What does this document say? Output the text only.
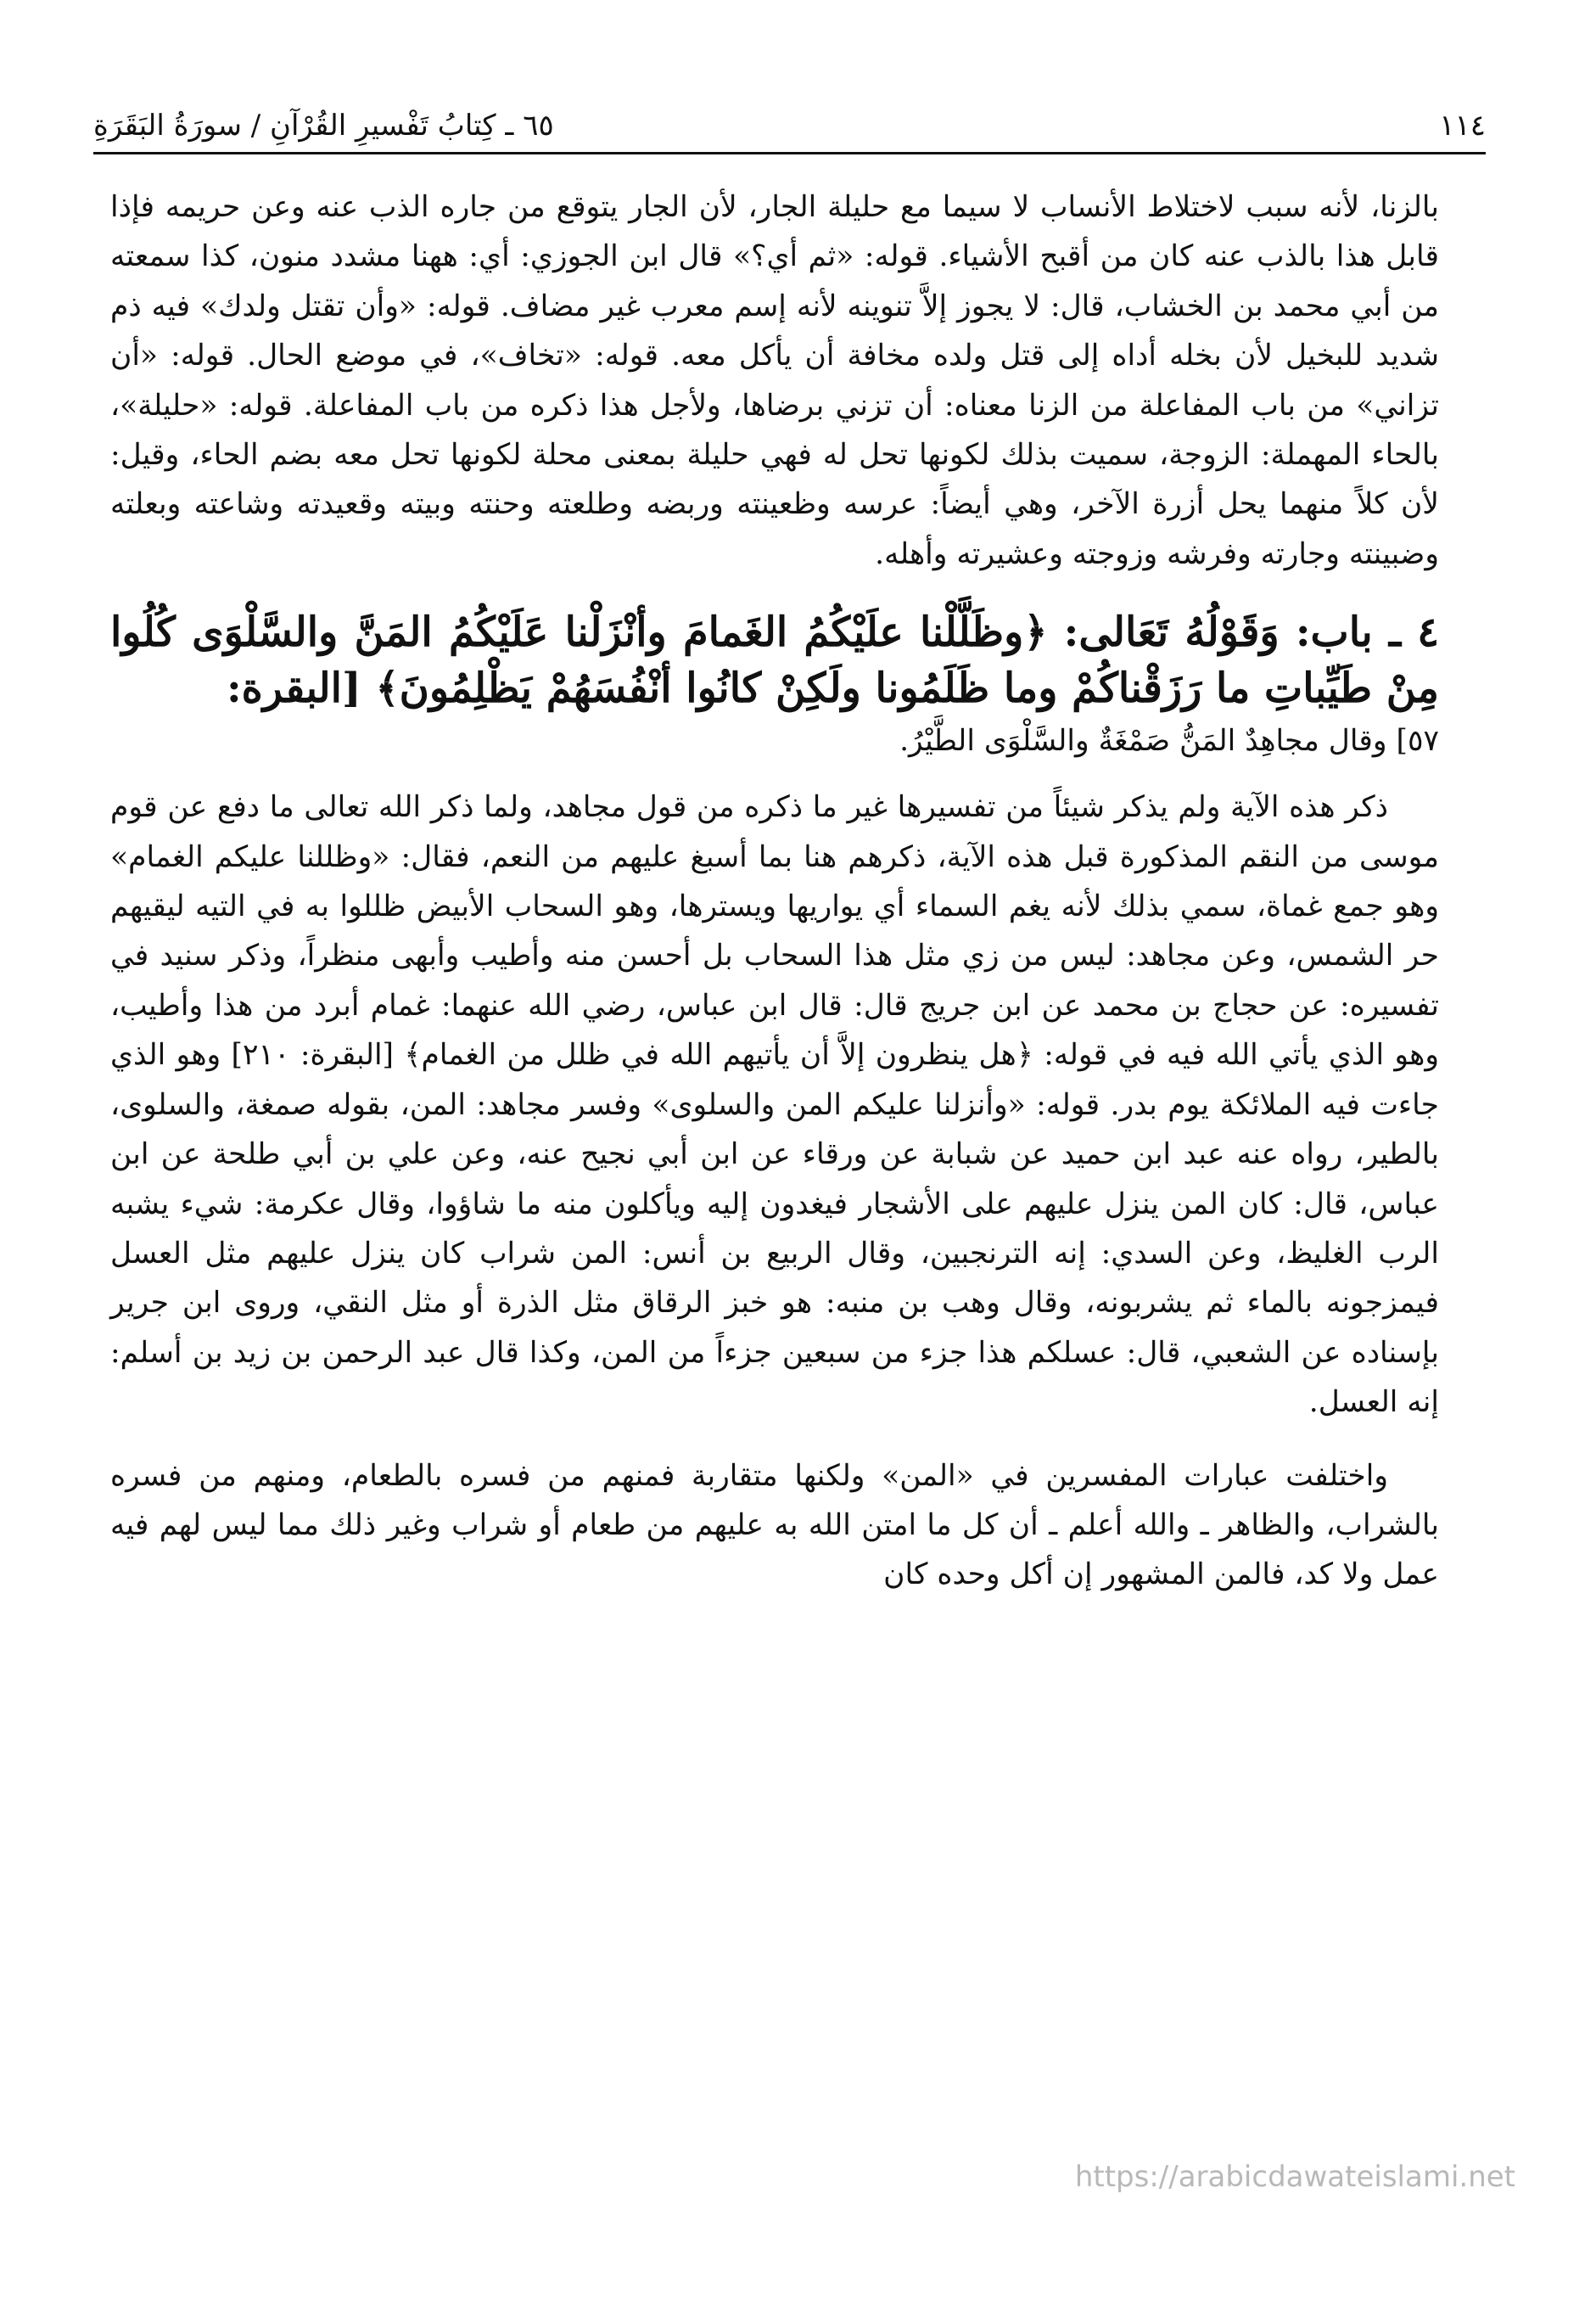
١١٤
٦٥ ـ كِتابُ تَفْسيرِ القُرْآنِ / سورَةُ البَقَرَةِ

بالزنا، لأنه سبب لاختلاط الأنساب لا سيما مع حليلة الجار، لأن الجار يتوقع من جاره الذب عنه وعن حريمه فإذا قابل هذا بالذب عنه كان من أقبح الأشياء. قوله: «ثم أي؟» قال ابن الجوزي: أي: ههنا مشدد منون، كذا سمعته من أبي محمد بن الخشاب، قال: لا يجوز إلاَّ تنوينه لأنه إسم معرب غير مضاف. قوله: «وأن تقتل ولدك» فيه ذم شديد للبخيل لأن بخله أداه إلى قتل ولده مخافة أن يأكل معه. قوله: «تخاف»، في موضع الحال. قوله: «أن تزاني» من باب المفاعلة من الزنا معناه: أن تزني برضاها، ولأجل هذا ذكره من باب المفاعلة. قوله: «حليلة»، بالحاء المهملة: الزوجة، سميت بذلك لكونها تحل له فهي حليلة بمعنى محلة لكونها تحل معه بضم الحاء، وقيل: لأن كلاً منهما يحل أزرة الآخر، وهي أيضاً: عرسه وظعينته وربضه وطلعته وحنته وبيته وقعيدته وشاعته وبعلته وضبينته وجارته وفرشه وزوجته وعشيرته وأهله.

٤ ـ باب: وَقَوْلُهُ تَعَالى: ﴿وظَلَّلْنا علَيْكُمُ الغَمامَ وأنْزَلْنا عَلَيْكُمُ المَنَّ والسَّلْوَى كُلُوا مِنْ طَيِّباتِ ما رَزَقْناكُمْ وما ظَلَمُونا ولَكِنْ كانُوا أنْفُسَهُمْ يَظْلِمُونَ﴾ [البقرة:

٥٧] وقال مجاهِدٌ المَنُّ صَمْغَةٌ والسَّلْوَى الطَّيْرُ.

ذكر هذه الآية ولم يذكر شيئاً من تفسيرها غير ما ذكره من قول مجاهد، ولما ذكر الله تعالى ما دفع عن قوم موسى من النقم المذكورة قبل هذه الآية، ذكرهم هنا بما أسبغ عليهم من النعم، فقال: «وظللنا عليكم الغمام» وهو جمع غماة، سمي بذلك لأنه يغم السماء أي يواريها ويسترها، وهو السحاب الأبيض ظللوا به في التيه ليقيهم حر الشمس، وعن مجاهد: ليس من زي مثل هذا السحاب بل أحسن منه وأطيب وأبهى منظراً، وذكر سنيد في تفسيره: عن حجاج بن محمد عن ابن جريج قال: قال ابن عباس، رضي الله عنهما: غمام أبرد من هذا وأطيب، وهو الذي يأتي الله فيه في قوله: ﴿هل ينظرون إلاَّ أن يأتيهم الله في ظلل من الغمام﴾ [البقرة: ٢١٠] وهو الذي جاءت فيه الملائكة يوم بدر. قوله: «وأنزلنا عليكم المن والسلوى» وفسر مجاهد: المن، بقوله صمغة، والسلوى، بالطير، رواه عنه عبد ابن حميد عن شبابة عن ورقاء عن ابن أبي نجيح عنه، وعن علي بن أبي طلحة عن ابن عباس، قال: كان المن ينزل عليهم على الأشجار فيغدون إليه ويأكلون منه ما شاؤوا، وقال عكرمة: شيء يشبه الرب الغليظ، وعن السدي: إنه الترنجبين، وقال الربيع بن أنس: المن شراب كان ينزل عليهم مثل العسل فيمزجونه بالماء ثم يشربونه، وقال وهب بن منبه: هو خبز الرقاق مثل الذرة أو مثل النقي، وروى ابن جرير بإسناده عن الشعبي، قال: عسلكم هذا جزء من سبعين جزءاً من المن، وكذا قال عبد الرحمن بن زيد بن أسلم: إنه العسل.

واختلفت عبارات المفسرين في «المن» ولكنها متقاربة فمنهم من فسره بالطعام، ومنهم من فسره بالشراب، والظاهر ـ والله أعلم ـ أن كل ما امتن الله به عليهم من طعام أو شراب وغير ذلك مما ليس لهم فيه عمل ولا كد، فالمن المشهور إن أكل وحده كان

https://arabicdawateislami.net
